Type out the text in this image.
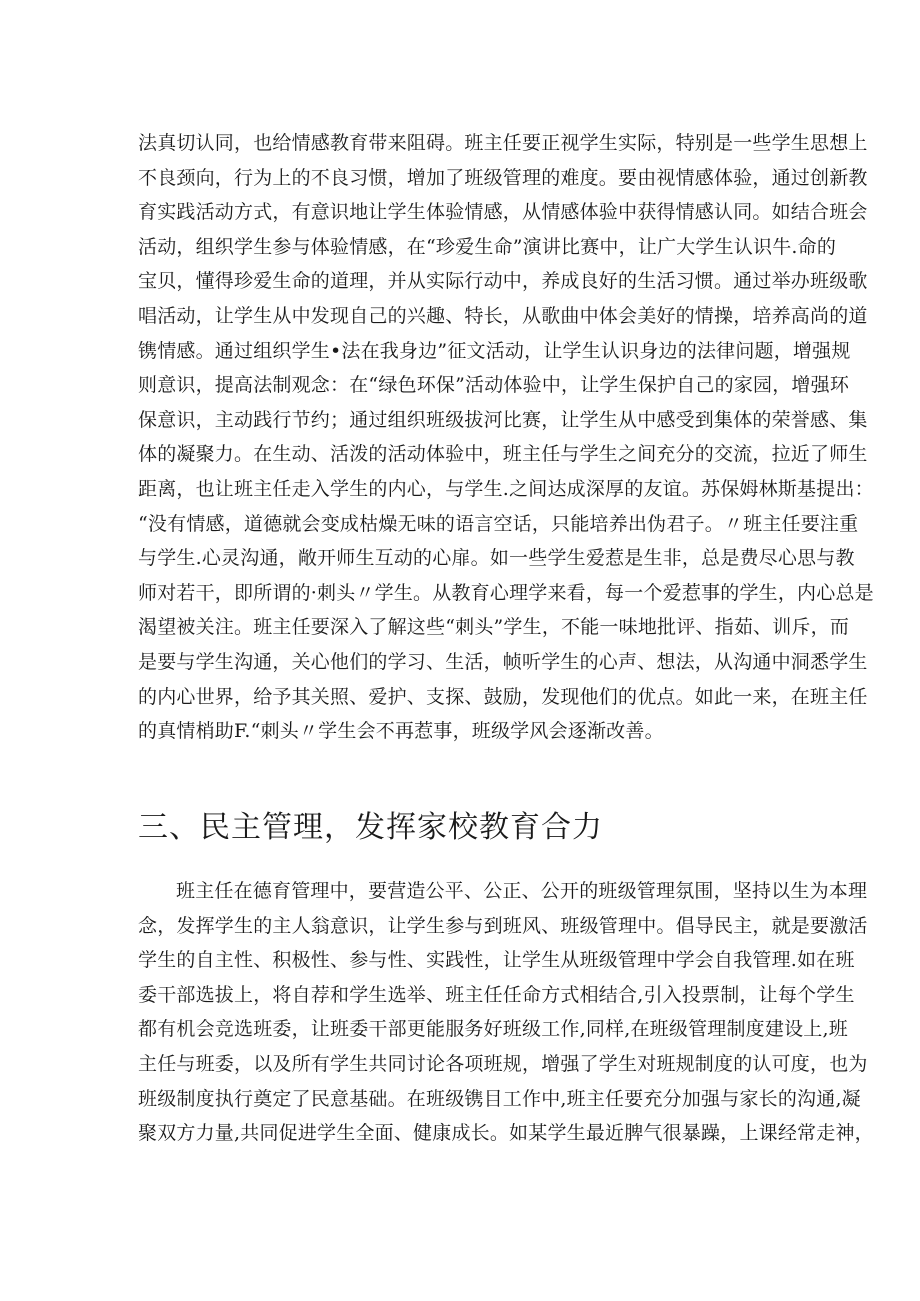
法真切认同，也给情感教育带来阻碍。班主任要正视学生实际，特别是一些学生思想上
不良颈向，行为上的不良习惯，增加了班级管理的难度。要由视情感体验，通过创新教
育实践活动方式，有意识地让学生体验情感，从情感体验中获得情感认同。如结合班会
活动，组织学生参与体验情感，在“珍爱生命”演讲比赛中，让广大学生认识牛.命的
宝贝，懂得珍爱生命的道理，并从实际行动中，养成良好的生活习惯。通过举办班级歌
唱活动，让学生从中发现自己的兴趣、特长，从歌曲中体会美好的情操，培养高尚的道
镌情感。通过组织学生•法在我身边”征文活动，让学生认识身边的法律问题，增强规
则意识，提高法制观念：在“绿色环保”活动体验中，让学生保护自己的家园，增强环
保意识，主动践行节约；通过组织班级拔河比赛，让学生从中感受到集体的荣誉感、集
体的凝聚力。在生动、活泼的活动体验中，班主任与学生之间充分的交流，拉近了师生
距离，也让班主任走入学生的内心，与学生.之间达成深厚的友谊。苏保姆林斯基提出：
“没有情感，道德就会变成枯燥无味的语言空话，只能培养出伪君子。〃班主任要注重
与学生.心灵沟通，敞开师生互动的心扉。如一些学生爱惹是生非，总是费尽心思与教
师对若干，即所谓的·刺头〃学生。从教育心理学来看，每一个爱惹事的学生，内心总是
渴望被关注。班主任要深入了解这些“刺头”学生，不能一味地批评、指茹、训斥，而
是要与学生沟通，关心他们的学习、生活，帧听学生的心声、想法，从沟通中洞悉学生
的内心世界，给予其关照、爱护、支探、鼓励，发现他们的优点。如此一来，在班主任
的真情梢助F.“刺头〃学生会不再惹事，班级学风会逐渐改善。
三、民主管理，发挥家校教育合力
班主任在德育管理中，要营造公平、公正、公开的班级管理氛围，坚持以生为本理
念，发挥学生的主人翁意识，让学生参与到班风、班级管理中。倡导民主，就是要激活
学生的自主性、积极性、参与性、实践性，让学生从班级管理中学会自我管理.如在班
委干部选拔上，将自荐和学生选举、班主任任命方式相结合,引入投票制，让每个学生
都有机会竞选班委，让班委干部更能服务好班级工作,同样,在班级管理制度建设上,班
主任与班委，以及所有学生共同讨论各项班规，增强了学生对班规制度的认可度，也为
班级制度执行奠定了民意基础。在班级镌目工作中,班主任要充分加强与家长的沟通,凝
聚双方力量,共同促进学生全面、健康成长。如某学生最近脾气很暴躁，上课经常走神，
